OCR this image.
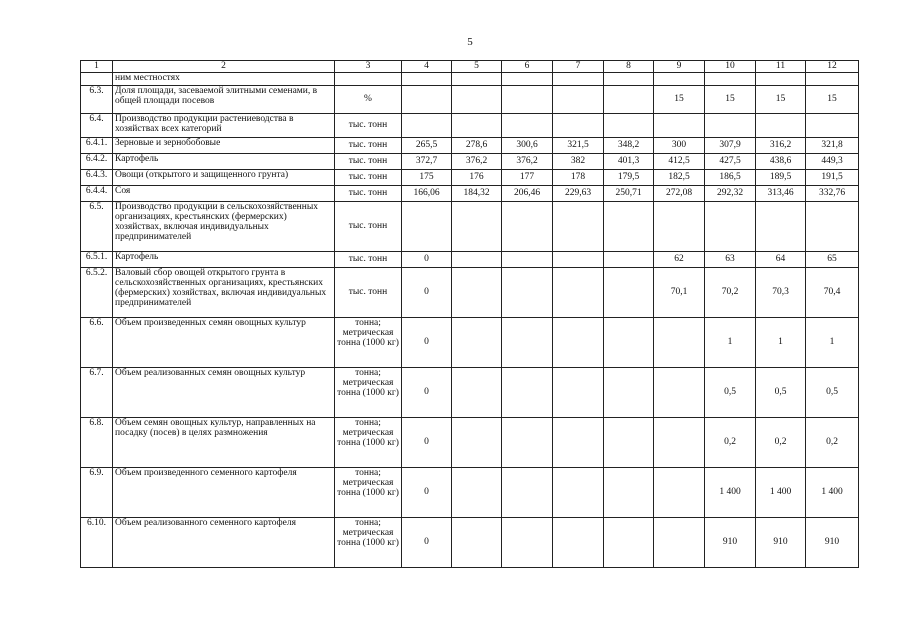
5
1	2	3	4	5	6	7	8	9	10	11	12
	ним местностях										
6.3.	Доля площади, засеваемой элитными семенами, в общей площади посевов	%						15	15	15	15
6.4.	Производство продукции растениеводства в хозяйствах всех категорий	тыс. тонн									
6.4.1.	Зерновые и зернобобовые	тыс. тонн	265,5	278,6	300,6	321,5	348,2	300	307,9	316,2	321,8
6.4.2.	Картофель	тыс. тонн	372,7	376,2	376,2	382	401,3	412,5	427,5	438,6	449,3
6.4.3.	Овощи (открытого и защищенного грунта)	тыс. тонн	175	176	177	178	179,5	182,5	186,5	189,5	191,5
6.4.4.	Соя	тыс. тонн	166,06	184,32	206,46	229,63	250,71	272,08	292,32	313,46	332,76
6.5.	Производство продукции в сельскохозяйственных организациях, крестьянских (фермерских) хозяйствах, включая индивидуальных предпринимателей	тыс. тонн									
6.5.1.	Картофель	тыс. тонн	0					62	63	64	65
6.5.2.	Валовый сбор овощей открытого грунта в сельскохозяйственных организациях, крестьянских (фермерских) хозяйствах, включая индивидуальных предпринимателей	тыс. тонн	0					70,1	70,2	70,3	70,4
6.6.	Объем произведенных семян овощных культур	тонна; метрическая тонна (1000 кг)	0						1	1	1
6.7.	Объем реализованных семян овощных культур	тонна; метрическая тонна (1000 кг)	0						0,5	0,5	0,5
6.8.	Объем семян овощных культур, направленных на посадку (посев) в целях размножения	тонна; метрическая тонна (1000 кг)	0						0,2	0,2	0,2
6.9.	Объем произведенного семенного картофеля	тонна; метрическая тонна (1000 кг)	0						1 400	1 400	1 400
6.10.	Объем реализованного семенного картофеля	тонна; метрическая тонна (1000 кг)	0						910	910	910
